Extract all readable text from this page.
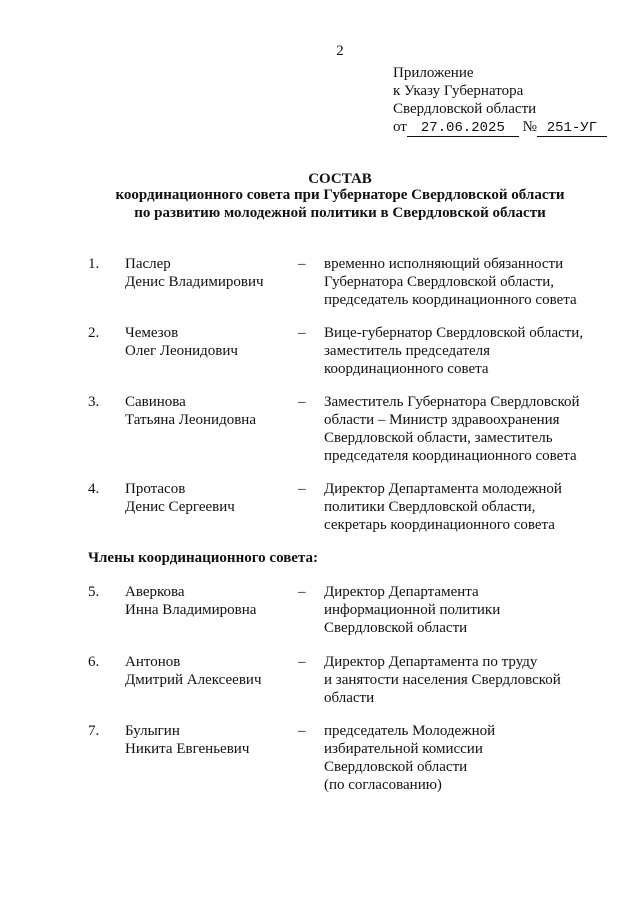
2
Приложение
к Указу Губернатора
Свердловской области
от 27.06.2025 № 251-УГ
СОСТАВ
координационного совета при Губернаторе Свердловской области
по развитию молодежной политики в Свердловской области
1. Паслер
Денис Владимирович
– временно исполняющий обязанности
Губернатора Свердловской области,
председатель координационного совета
2. Чемезов
Олег Леонидович
– Вице-губернатор Свердловской области,
заместитель председателя
координационного совета
3. Савинова
Татьяна Леонидовна
– Заместитель Губернатора Свердловской
области – Министр здравоохранения
Свердловской области, заместитель
председателя координационного совета
4. Протасов
Денис Сергеевич
– Директор Департамента молодежной
политики Свердловской области,
секретарь координационного совета
Члены координационного совета:
5. Аверкова
Инна Владимировна
– Директор Департамента
информационной политики
Свердловской области
6. Антонов
Дмитрий Алексеевич
– Директор Департамента по труду
и занятости населения Свердловской
области
7. Булыгин
Никита Евгеньевич
– председатель Молодежной
избирательной комиссии
Свердловской области
(по согласованию)
